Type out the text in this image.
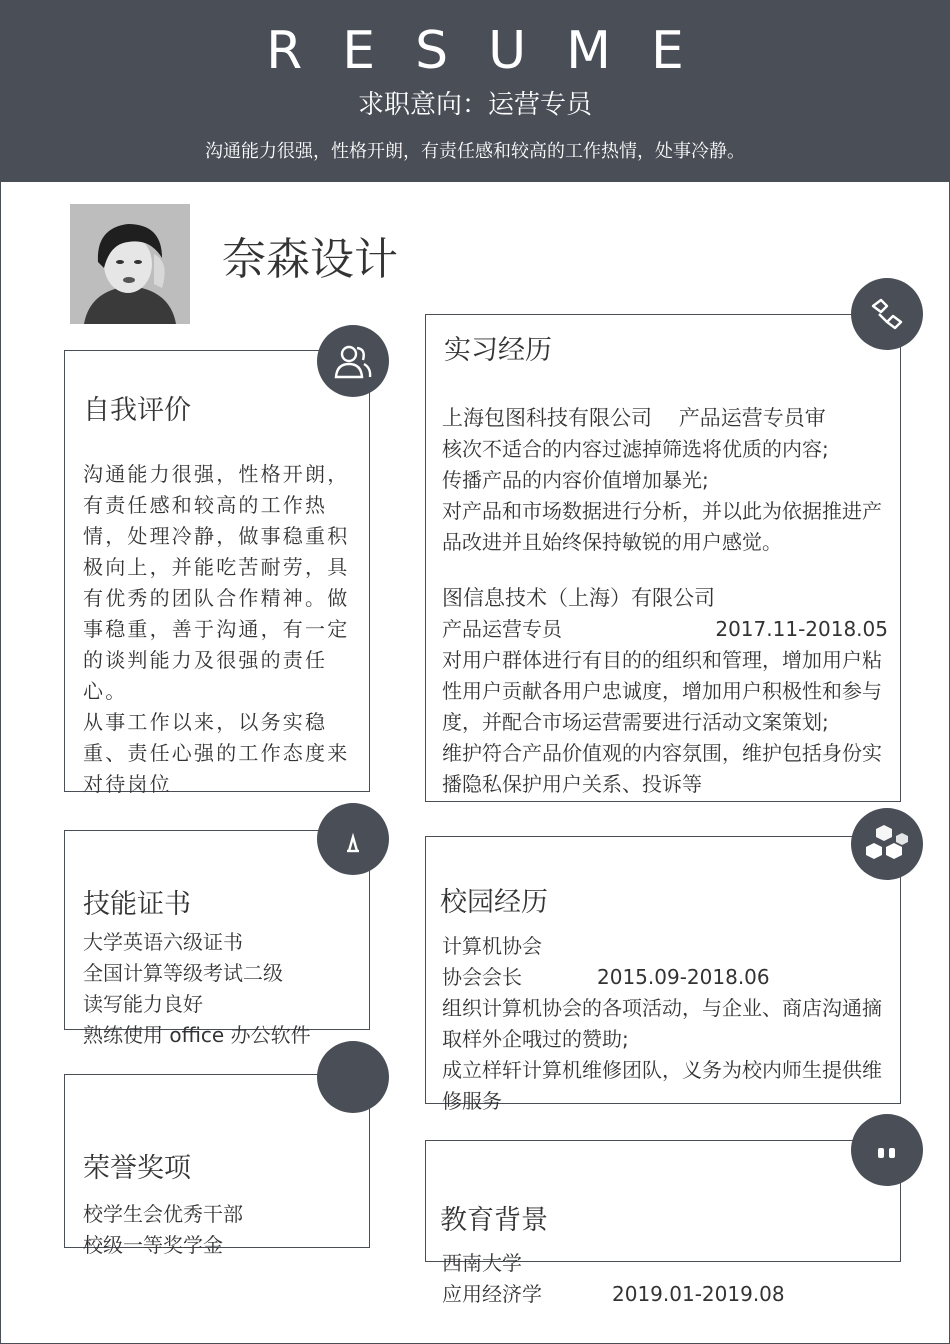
RESUME
求职意向：运营专员
沟通能力很强，性格开朗，有责任感和较高的工作热情，处事冷静。
奈森设计
自我评价
沟通能力很强，性格开朗，有责任感和较高的工作热情，处理冷静，做事稳重积极向上，并能吃苦耐劳，具有优秀的团队合作精神。做事稳重，善于沟通，有一定的谈判能力及很强的责任心。
从事工作以来，以务实稳重、责任心强的工作态度来对待岗位
实习经历
上海包图科技有限公司    产品运营专员审
核次不适合的内容过滤掉筛选将优质的内容;
传播产品的内容价值增加暴光;
对产品和市场数据进行分析，并以此为依据推进产品改进并且始终保持敏锐的用户感觉。
图信息技术（上海）有限公司
产品运营专员	2017.11-2018.05
对用户群体进行有目的的组织和管理，增加用户粘性用户贡献各用户忠诚度，增加用户积极性和参与度，并配合市场运营需要进行活动文案策划;
维护符合产品价值观的内容氛围，维护包括身份实播隐私保护用户关系、投诉等
技能证书
大学英语六级证书
全国计算等级考试二级
读写能力良好
熟练使用 office 办公软件
校园经历
计算机协会
协会会长	2015.09-2018.06
组织计算机协会的各项活动，与企业、商店沟通摘取样外企哦过的赞助;
成立样轩计算机维修团队，义务为校内师生提供维修服务
荣誉奖项
校学生会优秀干部
校级一等奖学金
教育背景
西南大学
应用经济学	2019.01-2019.08
